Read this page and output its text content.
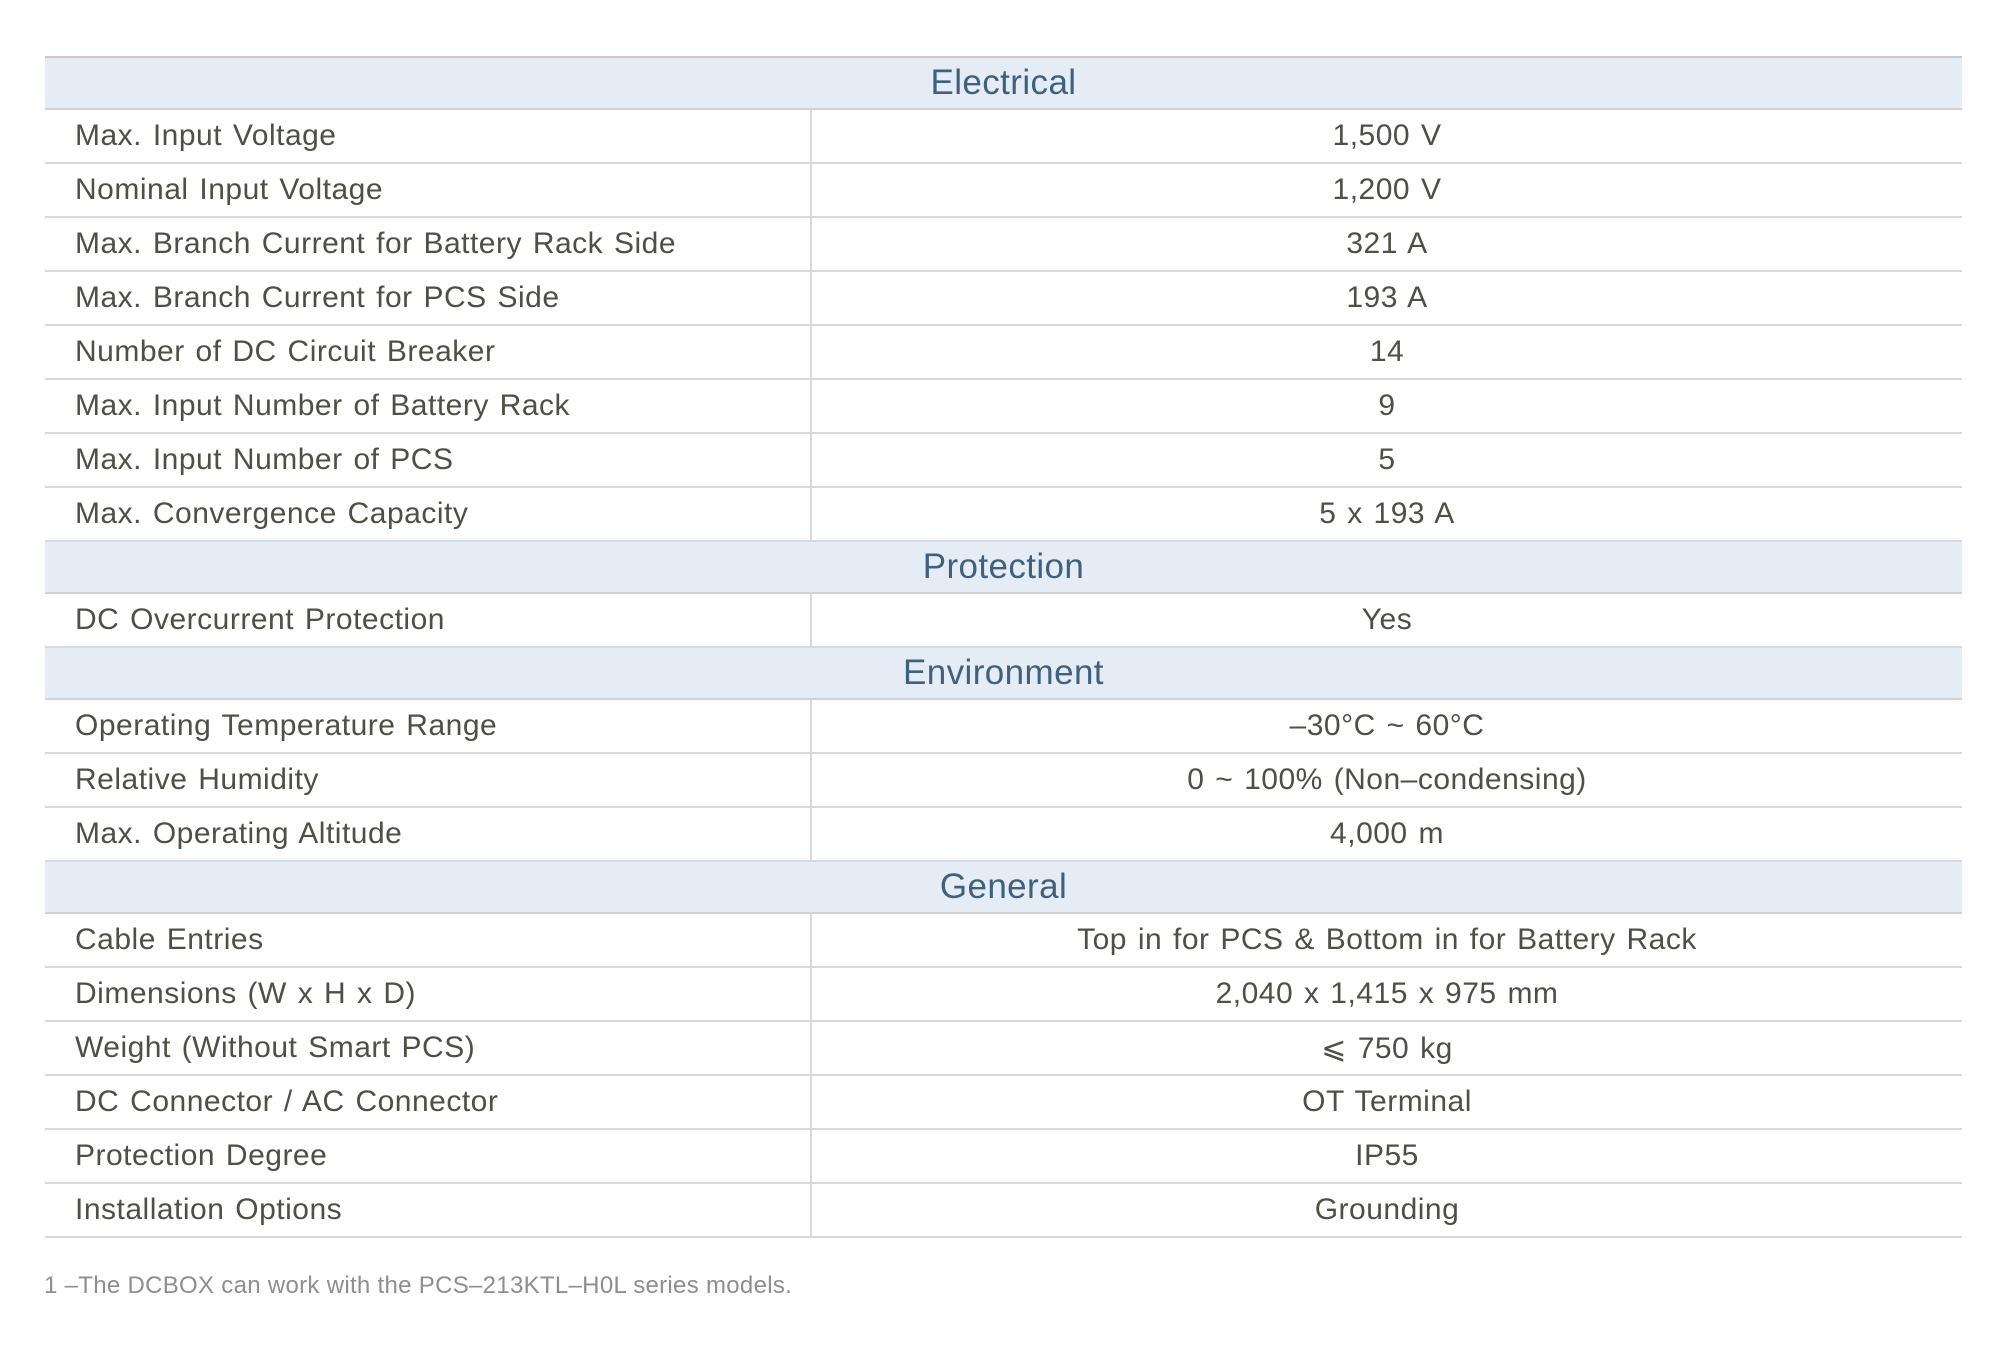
Electrical
Max. Input Voltage	1,500 V
Nominal Input Voltage	1,200 V
Max. Branch Current for Battery Rack Side	321 A
Max. Branch Current for PCS Side	193 A
Number of DC Circuit Breaker	14
Max. Input Number of Battery Rack	9
Max. Input Number of PCS	5
Max. Convergence Capacity	5 x 193 A
Protection
DC Overcurrent Protection	Yes
Environment
Operating Temperature Range	–30°C ~ 60°C
Relative Humidity	0 ~ 100% (Non–condensing)
Max. Operating Altitude	4,000 m
General
Cable Entries	Top in for PCS & Bottom in for Battery Rack
Dimensions (W x H x D)	2,040 x 1,415 x 975 mm
Weight (Without Smart PCS)	⩽ 750 kg
DC Connector / AC Connector	OT Terminal
Protection Degree	IP55
Installation Options	Grounding
1 –The DCBOX can work with the PCS–213KTL–H0L series models.
